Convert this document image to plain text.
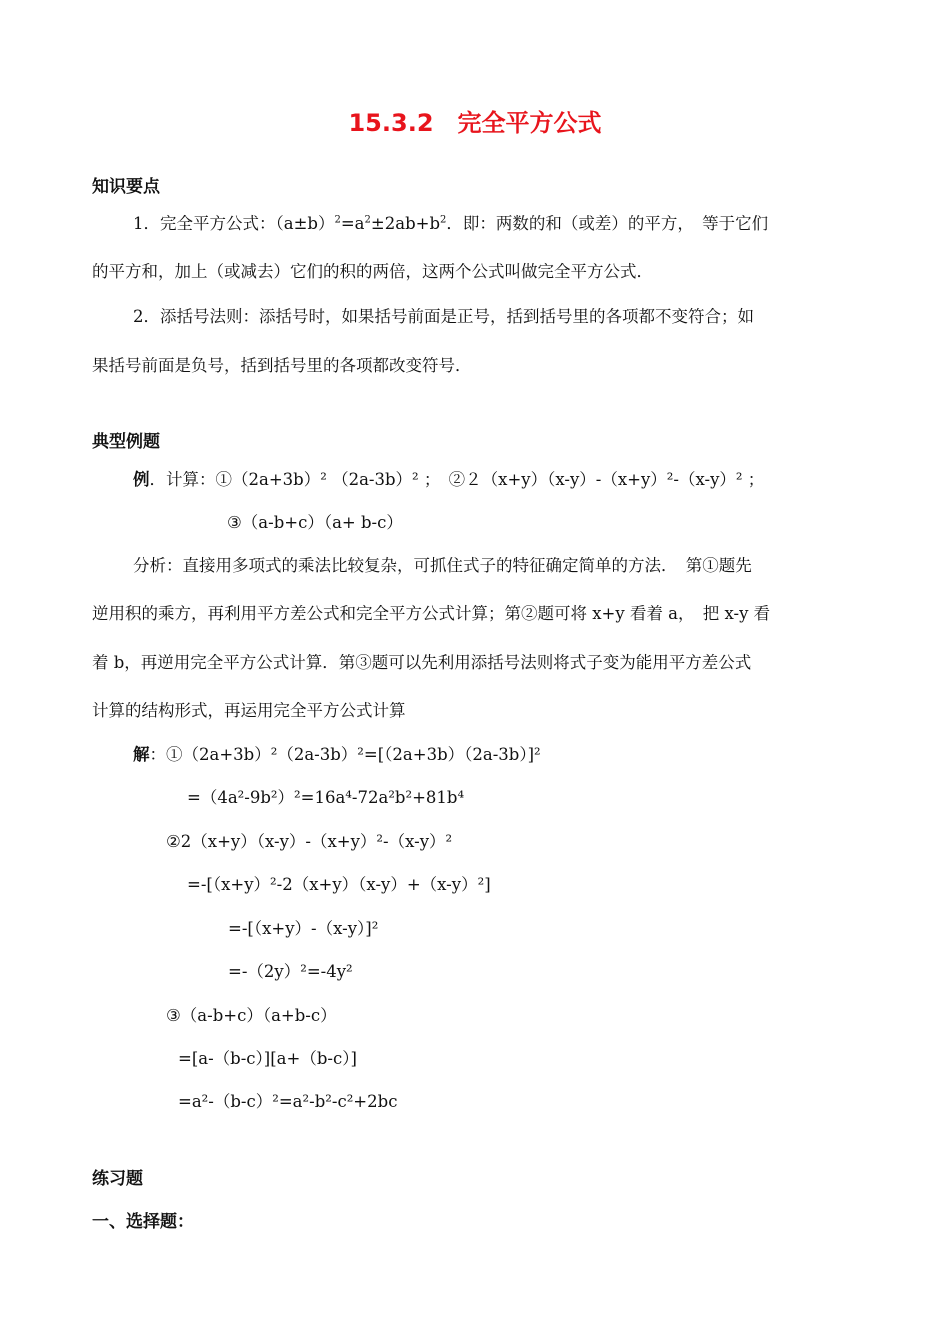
15.3.2　完全平方公式
知识要点
1．完全平方公式：$(a\pm b)^2=a^2\pm 2ab+b^2$．即：两数的和（或差）的平方，　等于它们
的平方和，加上（或减去）它们的积的两倍，这两个公式叫做完全平方公式．
2．添括号法则：添括号时，如果括号前面是正号，括到括号里的各项都不变符合；如
果括号前面是负号，括到括号里的各项都改变符号．
典型例题
例．计算：①（2a+3b）² （2a-3b）² ；　②２（x+y）（x-y）-（x+y）²-（x-y）² ；
③（a-b+c）（a+ b-c）
分析：直接用多项式的乘法比较复杂，可抓住式子的特征确定简单的方法．　第①题先
逆用积的乘方，再利用平方差公式和完全平方公式计算；第②题可将 x+y 看着 a，　把 x-y 看
着 b，再逆用完全平方公式计算．第③题可以先利用添括号法则将式子变为能用平方差公式
计算的结构形式，再运用完全平方公式计算
解：①（2a+3b）²（2a-3b）²=[（2a+3b）（2a-3b）]²
=（4a²-9b²）²=16a⁴-72a²b²+81b⁴
②2（x+y）（x-y）-（x+y）²-（x-y）²
=-[（x+y）²-2（x+y）（x-y）+（x-y）²]
=-[（x+y）-（x-y）]²
=-（2y）²=-4y²
③（a-b+c）（a+b-c）
=[a-（b-c）][a+（b-c）]
=a²-（b-c）²=a²-b²-c²+2bc
练习题
一、选择题：
